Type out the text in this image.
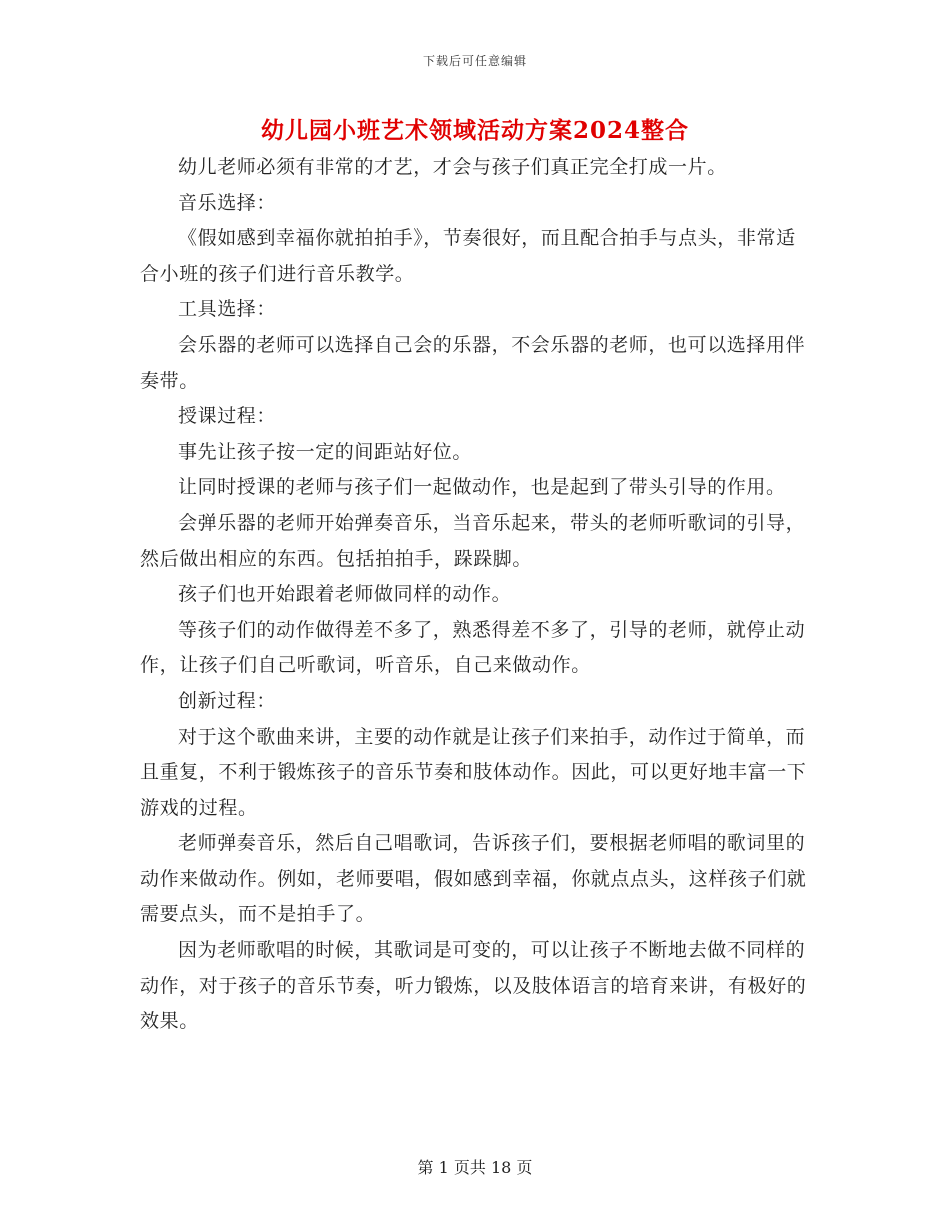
下载后可任意编辑
幼儿园小班艺术领域活动方案2024整合

幼儿老师必须有非常的才艺，才会与孩子们真正完全打成一片。

音乐选择：

《假如感到幸福你就拍拍手》，节奏很好，而且配合拍手与点头，非常适合小班的孩子们进行音乐教学。

工具选择：

会乐器的老师可以选择自己会的乐器，不会乐器的老师，也可以选择用伴奏带。

授课过程：

事先让孩子按一定的间距站好位。

让同时授课的老师与孩子们一起做动作，也是起到了带头引导的作用。

会弹乐器的老师开始弹奏音乐，当音乐起来，带头的老师听歌词的引导，然后做出相应的东西。包括拍拍手，跺跺脚。

孩子们也开始跟着老师做同样的动作。

等孩子们的动作做得差不多了，熟悉得差不多了，引导的老师，就停止动作，让孩子们自己听歌词，听音乐，自己来做动作。

创新过程：

对于这个歌曲来讲，主要的动作就是让孩子们来拍手，动作过于简单，而且重复，不利于锻炼孩子的音乐节奏和肢体动作。因此，可以更好地丰富一下游戏的过程。

老师弹奏音乐，然后自己唱歌词，告诉孩子们，要根据老师唱的歌词里的动作来做动作。例如，老师要唱，假如感到幸福，你就点点头，这样孩子们就需要点头，而不是拍手了。

因为老师歌唱的时候，其歌词是可变的，可以让孩子不断地去做不同样的动作，对于孩子的音乐节奏，听力锻炼，以及肢体语言的培育来讲，有极好的效果。

第 1 页共 18 页
